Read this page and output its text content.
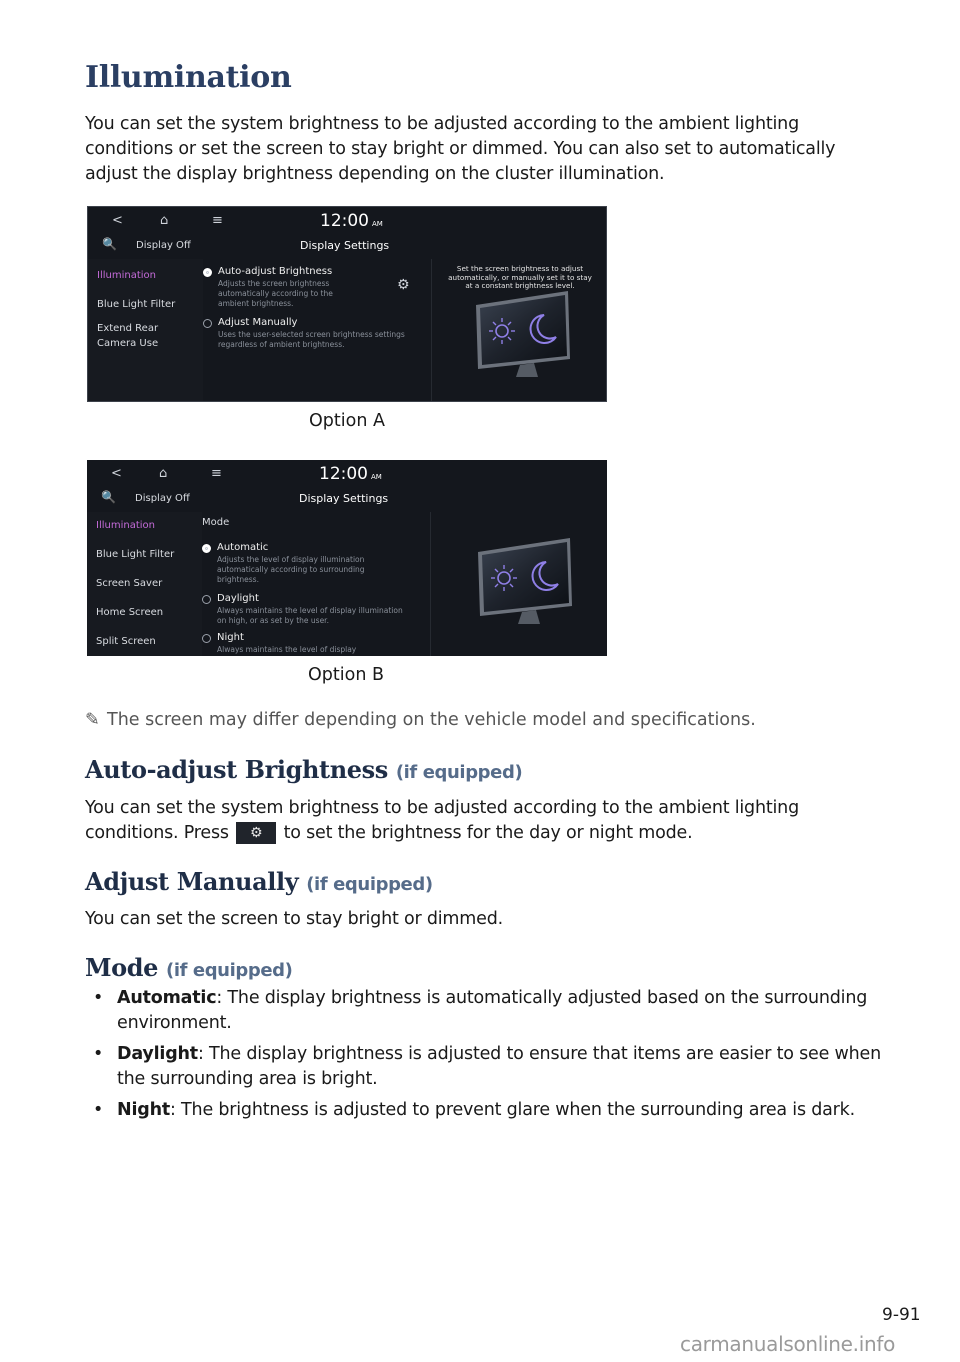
Illumination

You can set the system brightness to be adjusted according to the ambient lighting conditions or set the screen to stay bright or dimmed. You can also set to automatically adjust the display brightness depending on the cluster illumination.

<	⌂	≡	12:00 AM
🔍 Display Off	Display Settings
Illumination
Blue Light Filter
Extend Rear Camera Use
Auto-adjust Brightness
Adjusts the screen brightness automatically according to the ambient brightness.
⚙
Adjust Manually
Uses the user-selected screen brightness settings regardless of ambient brightness.
Set the screen brightness to adjust automatically, or manually set it to stay at a constant brightness level.
Option A
<	⌂	≡	12:00 AM
🔍 Display Off	Display Settings
Illumination
Blue Light Filter
Screen Saver
Home Screen
Split Screen
Mode
Automatic
Adjusts the level of display illumination automatically according to surrounding brightness.
Daylight
Always maintains the level of display illumination on high, or as set by the user.
Night
Always maintains the level of display
Option B
✎ The screen may differ depending on the vehicle model and specifications.
Auto-adjust Brightness (if equipped)

You can set the system brightness to be adjusted according to the ambient lighting conditions. Press ⚙ to set the brightness for the day or night mode.

Adjust Manually (if equipped)

You can set the screen to stay bright or dimmed.

Mode (if equipped)
• Automatic: The display brightness is automatically adjusted based on the surrounding environment.
• Daylight: The display brightness is adjusted to ensure that items are easier to see when the surrounding area is bright.
• Night: The brightness is adjusted to prevent glare when the surrounding area is dark.
9-91
carmanualsonline.info
